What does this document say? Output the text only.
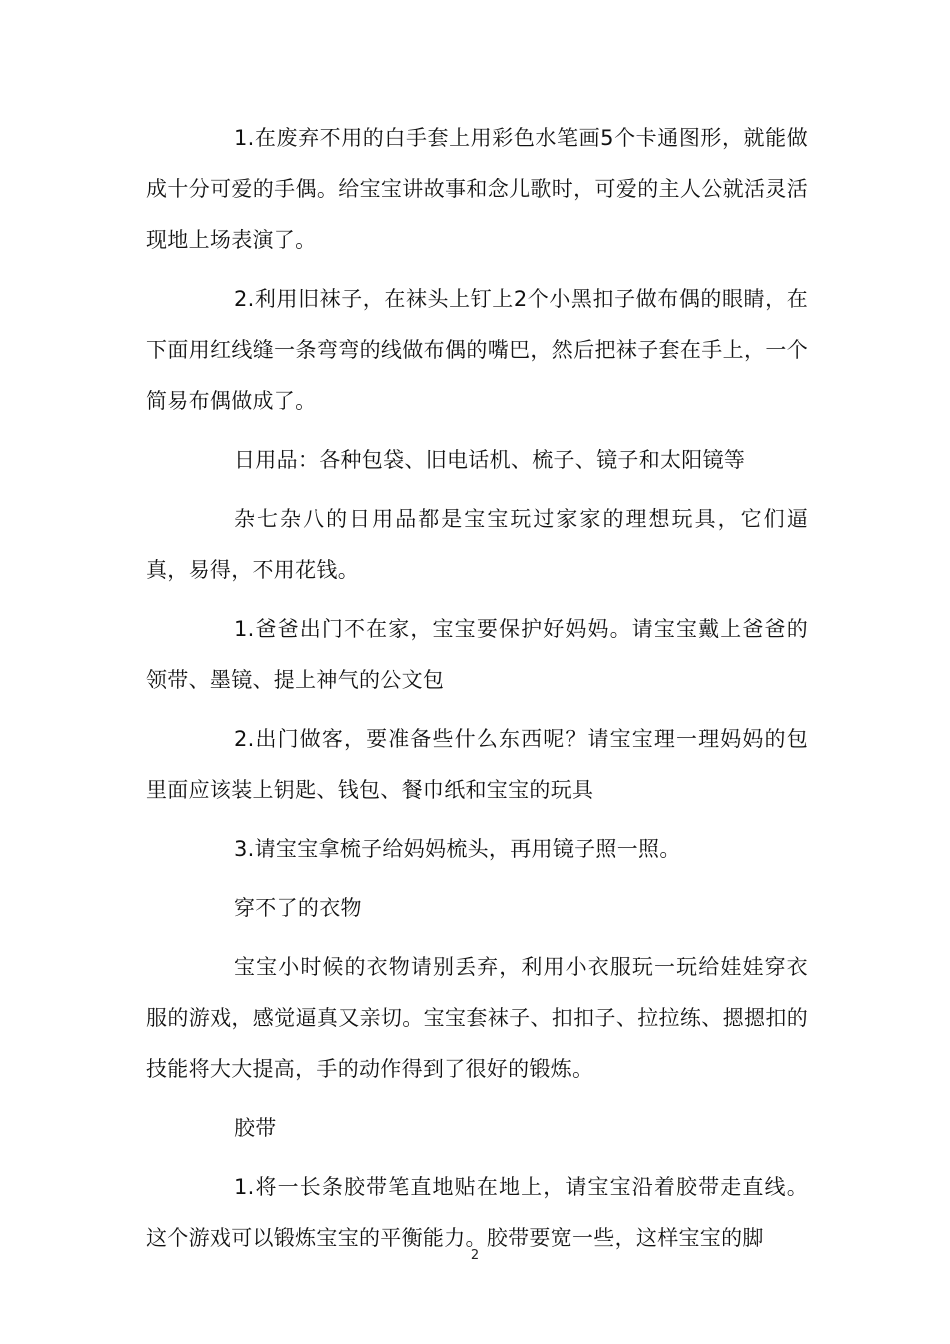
1.在废弃不用的白手套上用彩色水笔画5个卡通图形，就能做成十分可爱的手偶。给宝宝讲故事和念儿歌时，可爱的主人公就活灵活现地上场表演了。

2.利用旧袜子，在袜头上钉上2个小黑扣子做布偶的眼睛，在下面用红线缝一条弯弯的线做布偶的嘴巴，然后把袜子套在手上，一个简易布偶做成了。

日用品：各种包袋、旧电话机、梳子、镜子和太阳镜等

杂七杂八的日用品都是宝宝玩过家家的理想玩具，它们逼真，易得，不用花钱。

1.爸爸出门不在家，宝宝要保护好妈妈。请宝宝戴上爸爸的领带、墨镜、提上神气的公文包

2.出门做客，要准备些什么东西呢？请宝宝理一理妈妈的包里面应该装上钥匙、钱包、餐巾纸和宝宝的玩具

3.请宝宝拿梳子给妈妈梳头，再用镜子照一照。

穿不了的衣物

宝宝小时候的衣物请别丢弃，利用小衣服玩一玩给娃娃穿衣服的游戏，感觉逼真又亲切。宝宝套袜子、扣扣子、拉拉练、摁摁扣的技能将大大提高，手的动作得到了很好的锻炼。

胶带

1.将一长条胶带笔直地贴在地上，请宝宝沿着胶带走直线。这个游戏可以锻炼宝宝的平衡能力。胶带要宽一些，这样宝宝的脚

2
